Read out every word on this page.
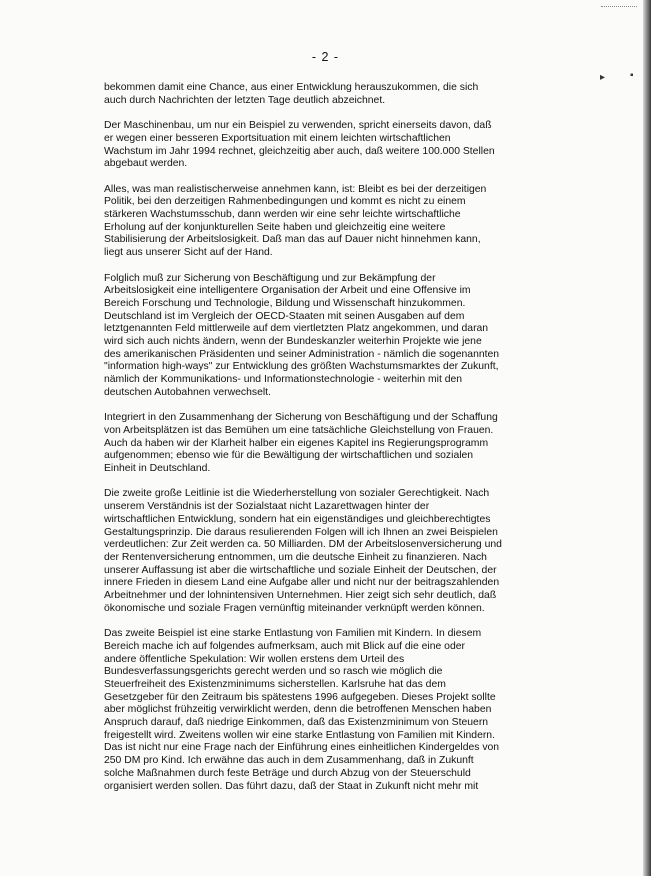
- 2 -
▸ ▪

bekommen damit eine Chance, aus einer Entwicklung herauszukommen, die sich
auch durch Nachrichten der letzten Tage deutlich abzeichnet.

Der Maschinenbau, um nur ein Beispiel zu verwenden, spricht einerseits davon, daß
er wegen einer besseren Exportsituation mit einem leichten wirtschaftlichen
Wachstum im Jahr 1994 rechnet, gleichzeitig aber auch, daß weitere 100.000 Stellen
abgebaut werden.

Alles, was man realistischerweise annehmen kann, ist: Bleibt es bei der derzeitigen
Politik, bei den derzeitigen Rahmenbedingungen und kommt es nicht zu einem
stärkeren Wachstumsschub, dann werden wir eine sehr leichte wirtschaftliche
Erholung auf der konjunkturellen Seite haben und gleichzeitig eine weitere
Stabilisierung der Arbeitslosigkeit. Daß man das auf Dauer nicht hinnehmen kann,
liegt aus unserer Sicht auf der Hand.

Folglich muß zur Sicherung von Beschäftigung und zur Bekämpfung der
Arbeitslosigkeit eine intelligentere Organisation der Arbeit und eine Offensive im
Bereich Forschung und Technologie, Bildung und Wissenschaft hinzukommen.
Deutschland ist im Vergleich der OECD-Staaten mit seinen Ausgaben auf dem
letztgenannten Feld mittlerweile auf dem viertletzten Platz angekommen, und daran
wird sich auch nichts ändern, wenn der Bundeskanzler weiterhin Projekte wie jene
des amerikanischen Präsidenten und seiner Administration - nämlich die sogenannten
"information high-ways" zur Entwicklung des größten Wachstumsmarktes der Zukunft,
nämlich der Kommunikations- und Informationstechnologie - weiterhin mit den
deutschen Autobahnen verwechselt.

Integriert in den Zusammenhang der Sicherung von Beschäftigung und der Schaffung
von Arbeitsplätzen ist das Bemühen um eine tatsächliche Gleichstellung von Frauen.
Auch da haben wir der Klarheit halber ein eigenes Kapitel ins Regierungsprogramm
aufgenommen; ebenso wie für die Bewältigung der wirtschaftlichen und sozialen
Einheit in Deutschland.

Die zweite große Leitlinie ist die Wiederherstellung von sozialer Gerechtigkeit. Nach
unserem Verständnis ist der Sozialstaat nicht Lazarettwagen hinter der
wirtschaftlichen Entwicklung, sondern hat ein eigenständiges und gleichberechtigtes
Gestaltungsprinzip. Die daraus resulierenden Folgen will ich Ihnen an zwei Beispielen
verdeutlichen: Zur Zeit werden ca. 50 Milliarden. DM der Arbeitslosenversicherung und
der Rentenversicherung entnommen, um die deutsche Einheit zu finanzieren. Nach
unserer Auffassung ist aber die wirtschaftliche und soziale Einheit der Deutschen, der
innere Frieden in diesem Land eine Aufgabe aller und nicht nur der beitragszahlenden
Arbeitnehmer und der lohnintensiven Unternehmen. Hier zeigt sich sehr deutlich, daß
ökonomische und soziale Fragen vernünftig miteinander verknüpft werden können.

Das zweite Beispiel ist eine starke Entlastung von Familien mit Kindern. In diesem
Bereich mache ich auf folgendes aufmerksam, auch mit Blick auf die eine oder
andere öffentliche Spekulation: Wir wollen erstens dem Urteil des
Bundesverfassungsgerichts gerecht werden und so rasch wie möglich die
Steuerfreiheit des Existenzminimums sicherstellen. Karlsruhe hat das dem
Gesetzgeber für den Zeitraum bis spätestens 1996 aufgegeben. Dieses Projekt sollte
aber möglichst frühzeitig verwirklicht werden, denn die betroffenen Menschen haben
Anspruch darauf, daß niedrige Einkommen, daß das Existenzminimum von Steuern
freigestellt wird. Zweitens wollen wir eine starke Entlastung von Familien mit Kindern.
Das ist nicht nur eine Frage nach der Einführung eines einheitlichen Kindergeldes von
250 DM pro Kind. Ich erwähne das auch in dem Zusammenhang, daß in Zukunft
solche Maßnahmen durch feste Beträge und durch Abzug von der Steuerschuld
organisiert werden sollen. Das führt dazu, daß der Staat in Zukunft nicht mehr mit
